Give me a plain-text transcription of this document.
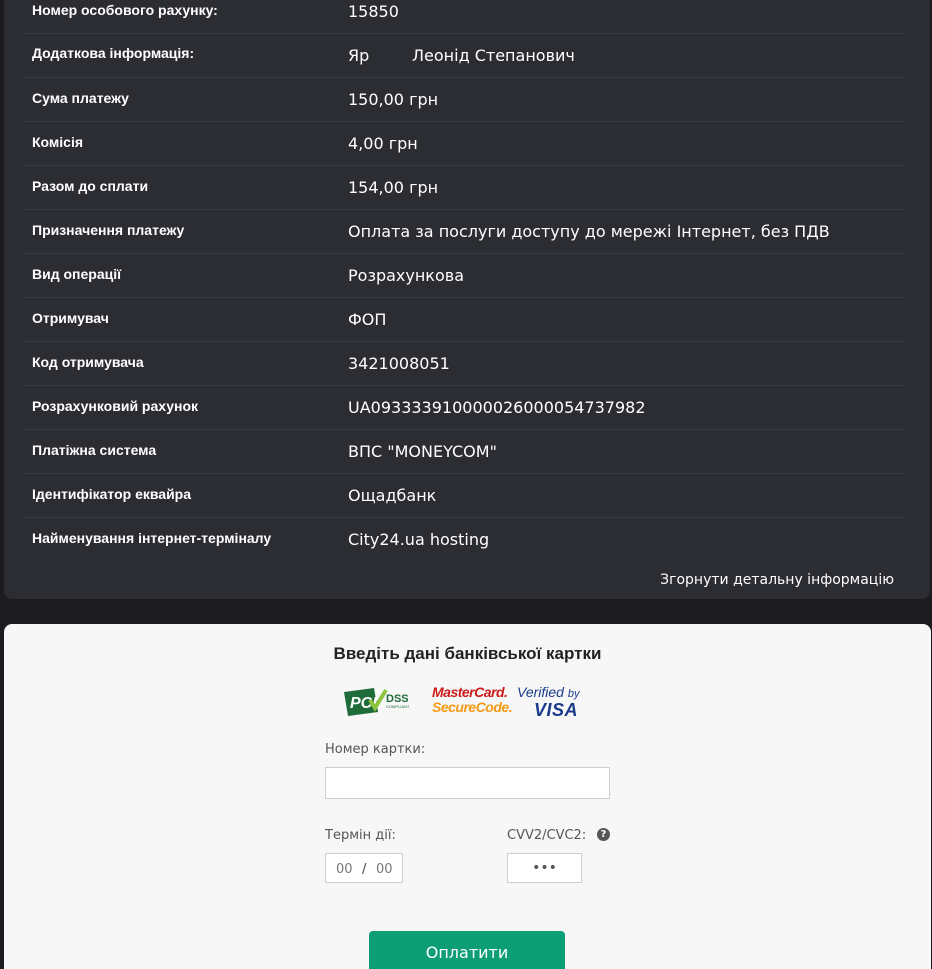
Номер особового рахунку:	15850
Додаткова інформація:	Яр	Леонід Степанович
Сума платежу	150,00 грн
Комісія	4,00 грн
Разом до сплати	154,00 грн
Призначення платежу	Оплата за послуги доступу до мережі Інтернет, без ПДВ
Вид операції	Розрахункова
Отримувач	ФОП
Код отримувача	3421008051
Розрахунковий рахунок	UA093333910000026000054737982
Платіжна система	ВПС "MONEYCOM"
Ідентифікатор еквайра	Ощадбанк
Найменування інтернет-терміналу	City24.ua hosting
Згорнути детальну інформацію
Введіть дані банківської картки
PCI DSS
COMPLIANT
MasterCard.
SecureCode.
Verified by
VISA
Номер картки:
Термін дії:
00 / 00
CVV2/CVC2:	?
•••
Оплатити
